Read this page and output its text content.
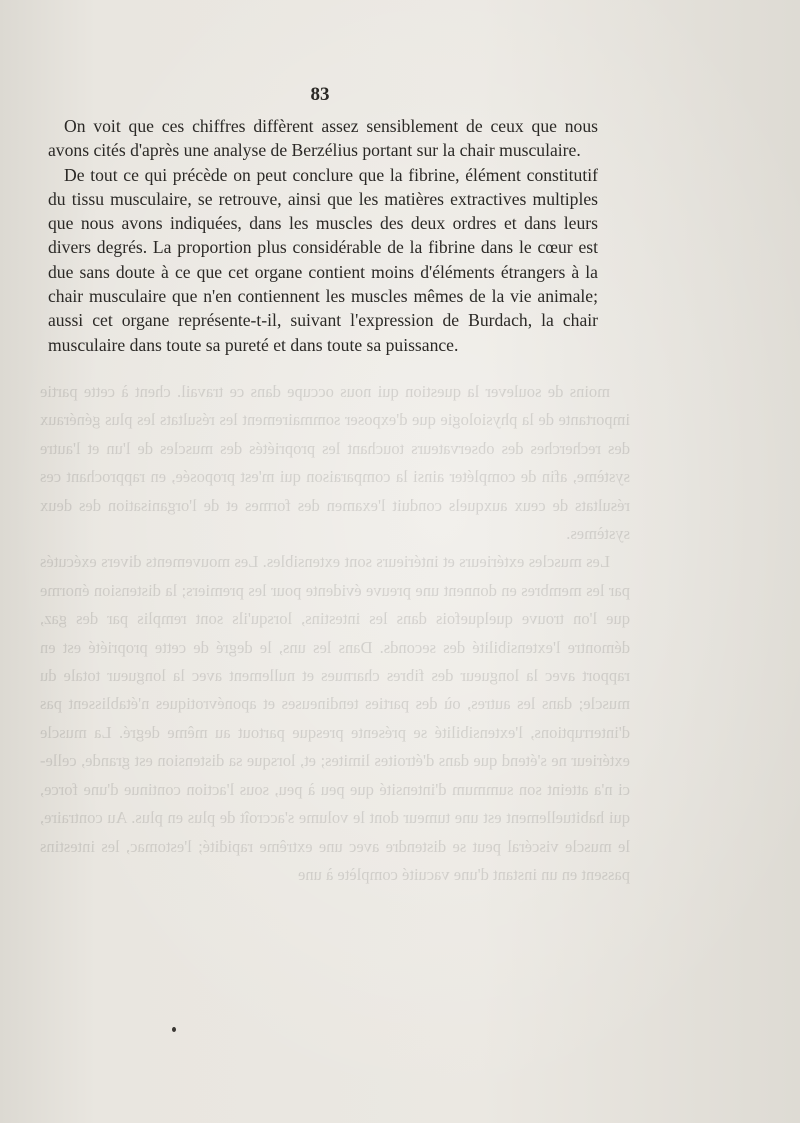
moins de soulever la question qui nous occupe dans ce travail. chent à cette partie importante de la physiologie que d'exposer sommairement les résultats les plus généraux des recherches des observateurs touchant les propriétés des muscles de l'un et l'autre système, afin de compléter ainsi la comparaison qui m'est proposée, en rapprochant ces résultats de ceux auxquels conduit l'examen des formes et de l'organisation des deux systèmes.

Les muscles extérieurs et intérieurs sont extensibles. Les mouvements divers exécutés par les membres en donnent une preuve évidente pour les premiers; la distension énorme que l'on trouve quelquefois dans les intestins, lorsqu'ils sont remplis par des gaz, démontre l'extensibilité des seconds. Dans les uns, le degré de cette propriété est en rapport avec la longueur des fibres charnues et nullement avec la longueur totale du muscle; dans les autres, où des parties tendineuses et aponévrotiques n'établissent pas d'interruptions, l'extensibilité se présente presque partout au même degré. La muscle extérieur ne s'étend que dans d'étroites limites; et, lorsque sa distension est grande, celle-ci n'a atteint son summum d'intensité que peu à peu, sous l'action continue d'une force, qui habituellement est une tumeur dont le volume s'accroît de plus en plus. Au contraire, le muscle viscéral peut se distendre avec une extrême rapidité; l'estomac, les intestins passent en un instant d'une vacuité complète à une

83

On voit que ces chiffres diffèrent assez sensiblement de ceux que nous avons cités d'après une analyse de Berzélius portant sur la chair musculaire.

De tout ce qui précède on peut conclure que la fibrine, élément constitutif du tissu musculaire, se retrouve, ainsi que les matières extractives multiples que nous avons indiquées, dans les muscles des deux ordres et dans leurs divers degrés. La proportion plus considérable de la fibrine dans le cœur est due sans doute à ce que cet organe contient moins d'éléments étrangers à la chair musculaire que n'en contiennent les muscles mêmes de la vie animale; aussi cet organe représente-t-il, suivant l'expression de Burdach, la chair musculaire dans toute sa pureté et dans toute sa puissance.
